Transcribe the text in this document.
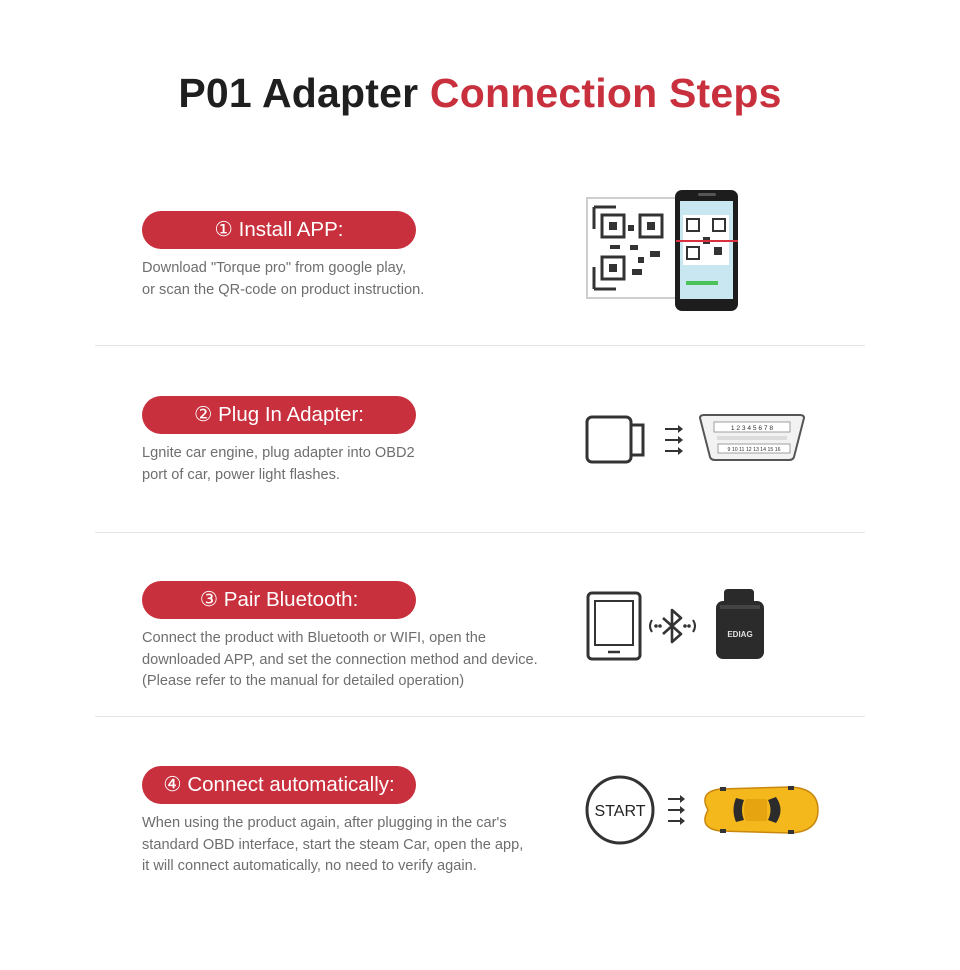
P01 Adapter Connection Steps
① Install APP:

Download "Torque pro" from google play,
or scan the QR-code on product instruction.

② Plug In Adapter:

Lgnite car engine, plug adapter into OBD2
port of car, power light flashes.

1 2 3 4 5 6 7 8
9 10 11 12 13 14 15 16
③ Pair Bluetooth:

Connect the product with Bluetooth or WIFI, open the
downloaded APP, and set the connection method and device.
(Please refer to the manual for detailed operation)

EDIAG
④ Connect automatically:

When using the product again, after plugging in the car's
standard OBD interface, start the steam Car, open the app,
it will connect automatically, no need to verify again.

START
